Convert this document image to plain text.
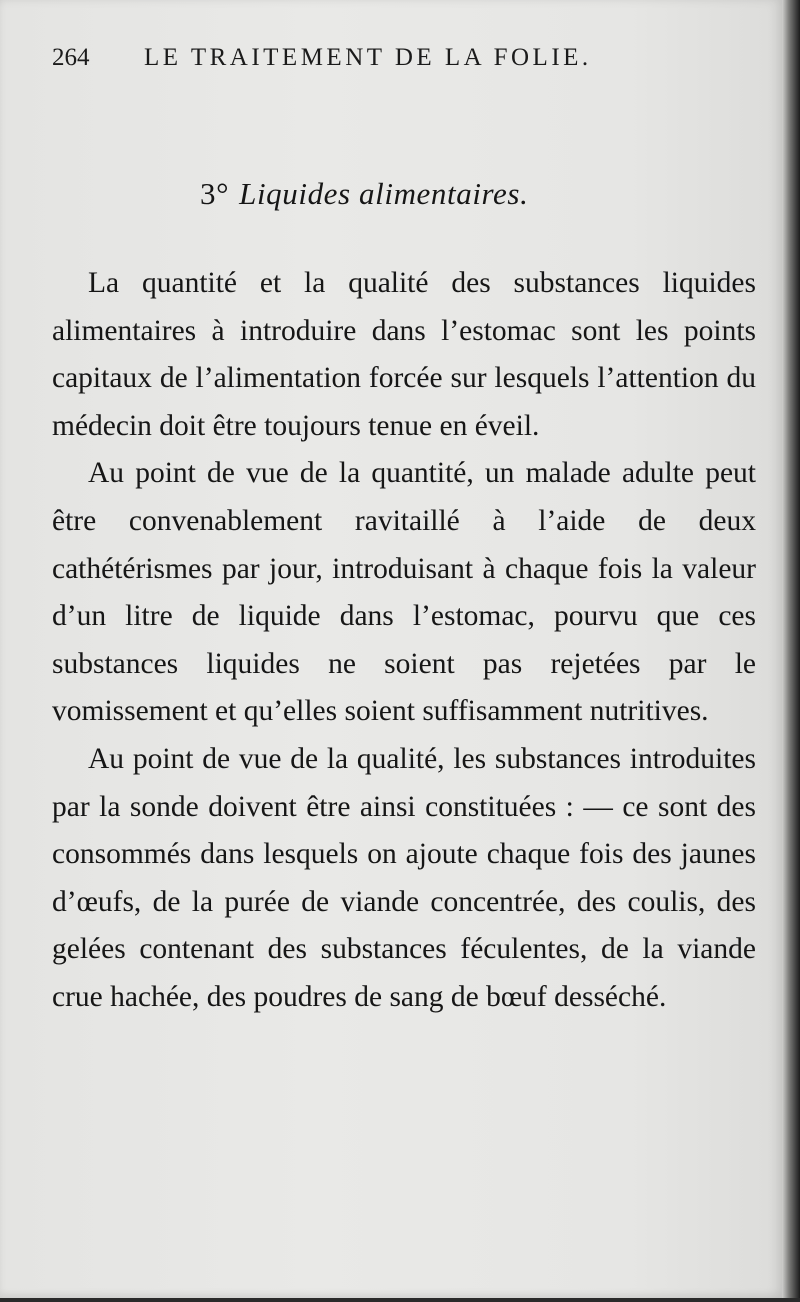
264 LE TRAITEMENT DE LA FOLIE.
3° Liquides alimentaires.

La quantité et la qualité des substances liquides alimentaires à introduire dans l’estomac sont les points capitaux de l’alimentation forcée sur lesquels l’attention du médecin doit être toujours tenue en éveil.

Au point de vue de la quantité, un malade adulte peut être convenablement ravitaillé à l’aide de deux cathétérismes par jour, introduisant à chaque fois la valeur d’un litre de liquide dans l’estomac, pourvu que ces substances liquides ne soient pas rejetées par le vomissement et qu’elles soient suffisamment nutritives.

Au point de vue de la qualité, les substances introduites par la sonde doivent être ainsi constituées : — ce sont des consommés dans lesquels on ajoute chaque fois des jaunes d’œufs, de la purée de viande concentrée, des coulis, des gelées contenant des substances féculentes, de la viande crue hachée, des poudres de sang de bœuf desséché.
